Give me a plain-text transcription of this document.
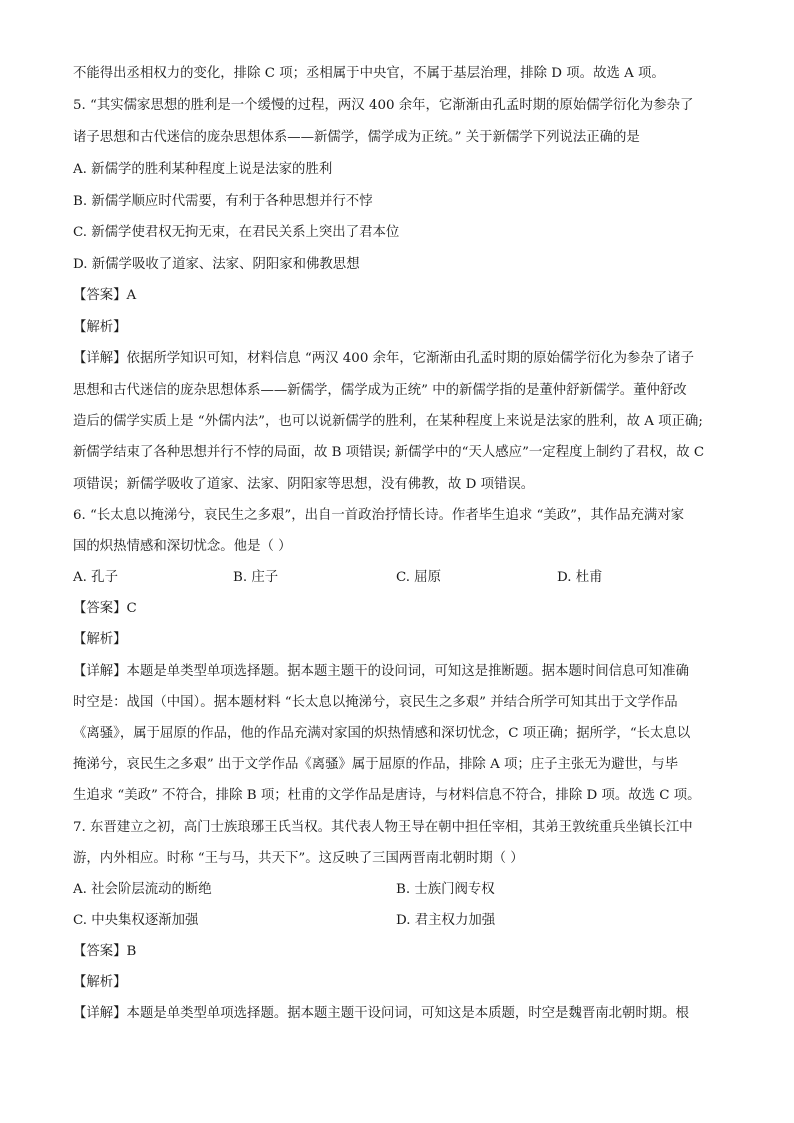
不能得出丞相权力的变化，排除 C 项；丞相属于中央官，不属于基层治理，排除 D 项。故选 A 项。
5. “其实儒家思想的胜利是一个缓慢的过程，两汉 400 余年，它渐渐由孔孟时期的原始儒学衍化为参杂了
诸子思想和古代迷信的庞杂思想体系——新儒学，儒学成为正统。” 关于新儒学下列说法正确的是
A. 新儒学的胜利某种程度上说是法家的胜利
B. 新儒学顺应时代需要，有利于各种思想并行不悖
C. 新儒学使君权无拘无束，在君民关系上突出了君本位
D. 新儒学吸收了道家、法家、阴阳家和佛教思想
【答案】A
【解析】
【详解】依据所学知识可知，材料信息 “两汉 400 余年，它渐渐由孔孟时期的原始儒学衍化为参杂了诸子
思想和古代迷信的庞杂思想体系——新儒学，儒学成为正统” 中的新儒学指的是董仲舒新儒学。董仲舒改
造后的儒学实质上是 “外儒内法”，也可以说新儒学的胜利，在某种程度上来说是法家的胜利，故 A 项正确;
新儒学结束了各种思想并行不悖的局面，故 B 项错误; 新儒学中的“天人感应”一定程度上制约了君权，故 C
项错误；新儒学吸收了道家、法家、阴阳家等思想，没有佛教，故 D 项错误。
6. “长太息以掩涕兮，哀民生之多艰”，出自一首政治抒情长诗。作者毕生追求 “美政”，其作品充满对家
国的炽热情感和深切忧念。他是（ ）
A. 孔子	B. 庄子	C. 屈原	D. 杜甫
【答案】C
【解析】
【详解】本题是单类型单项选择题。据本题主题干的设问词，可知这是推断题。据本题时间信息可知准确
时空是：战国（中国）。据本题材料 “长太息以掩涕兮，哀民生之多艰” 并结合所学可知其出于文学作品
《离骚》，属于屈原的作品，他的作品充满对家国的炽热情感和深切忧念，C 项正确；据所学，“长太息以
掩涕兮，哀民生之多艰” 出于文学作品《离骚》属于屈原的作品，排除 A 项；庄子主张无为避世，与毕
生追求 “美政” 不符合，排除 B 项；杜甫的文学作品是唐诗，与材料信息不符合，排除 D 项。故选 C 项。
7. 东晋建立之初，高门士族琅琊王氏当权。其代表人物王导在朝中担任宰相，其弟王敦统重兵坐镇长江中
游，内外相应。时称 “王与马，共天下”。这反映了三国两晋南北朝时期（ ）
A. 社会阶层流动的断绝	B. 士族门阀专权
C. 中央集权逐渐加强	D. 君主权力加强
【答案】B
【解析】
【详解】本题是单类型单项选择题。据本题主题干设问词，可知这是本质题，时空是魏晋南北朝时期。根
